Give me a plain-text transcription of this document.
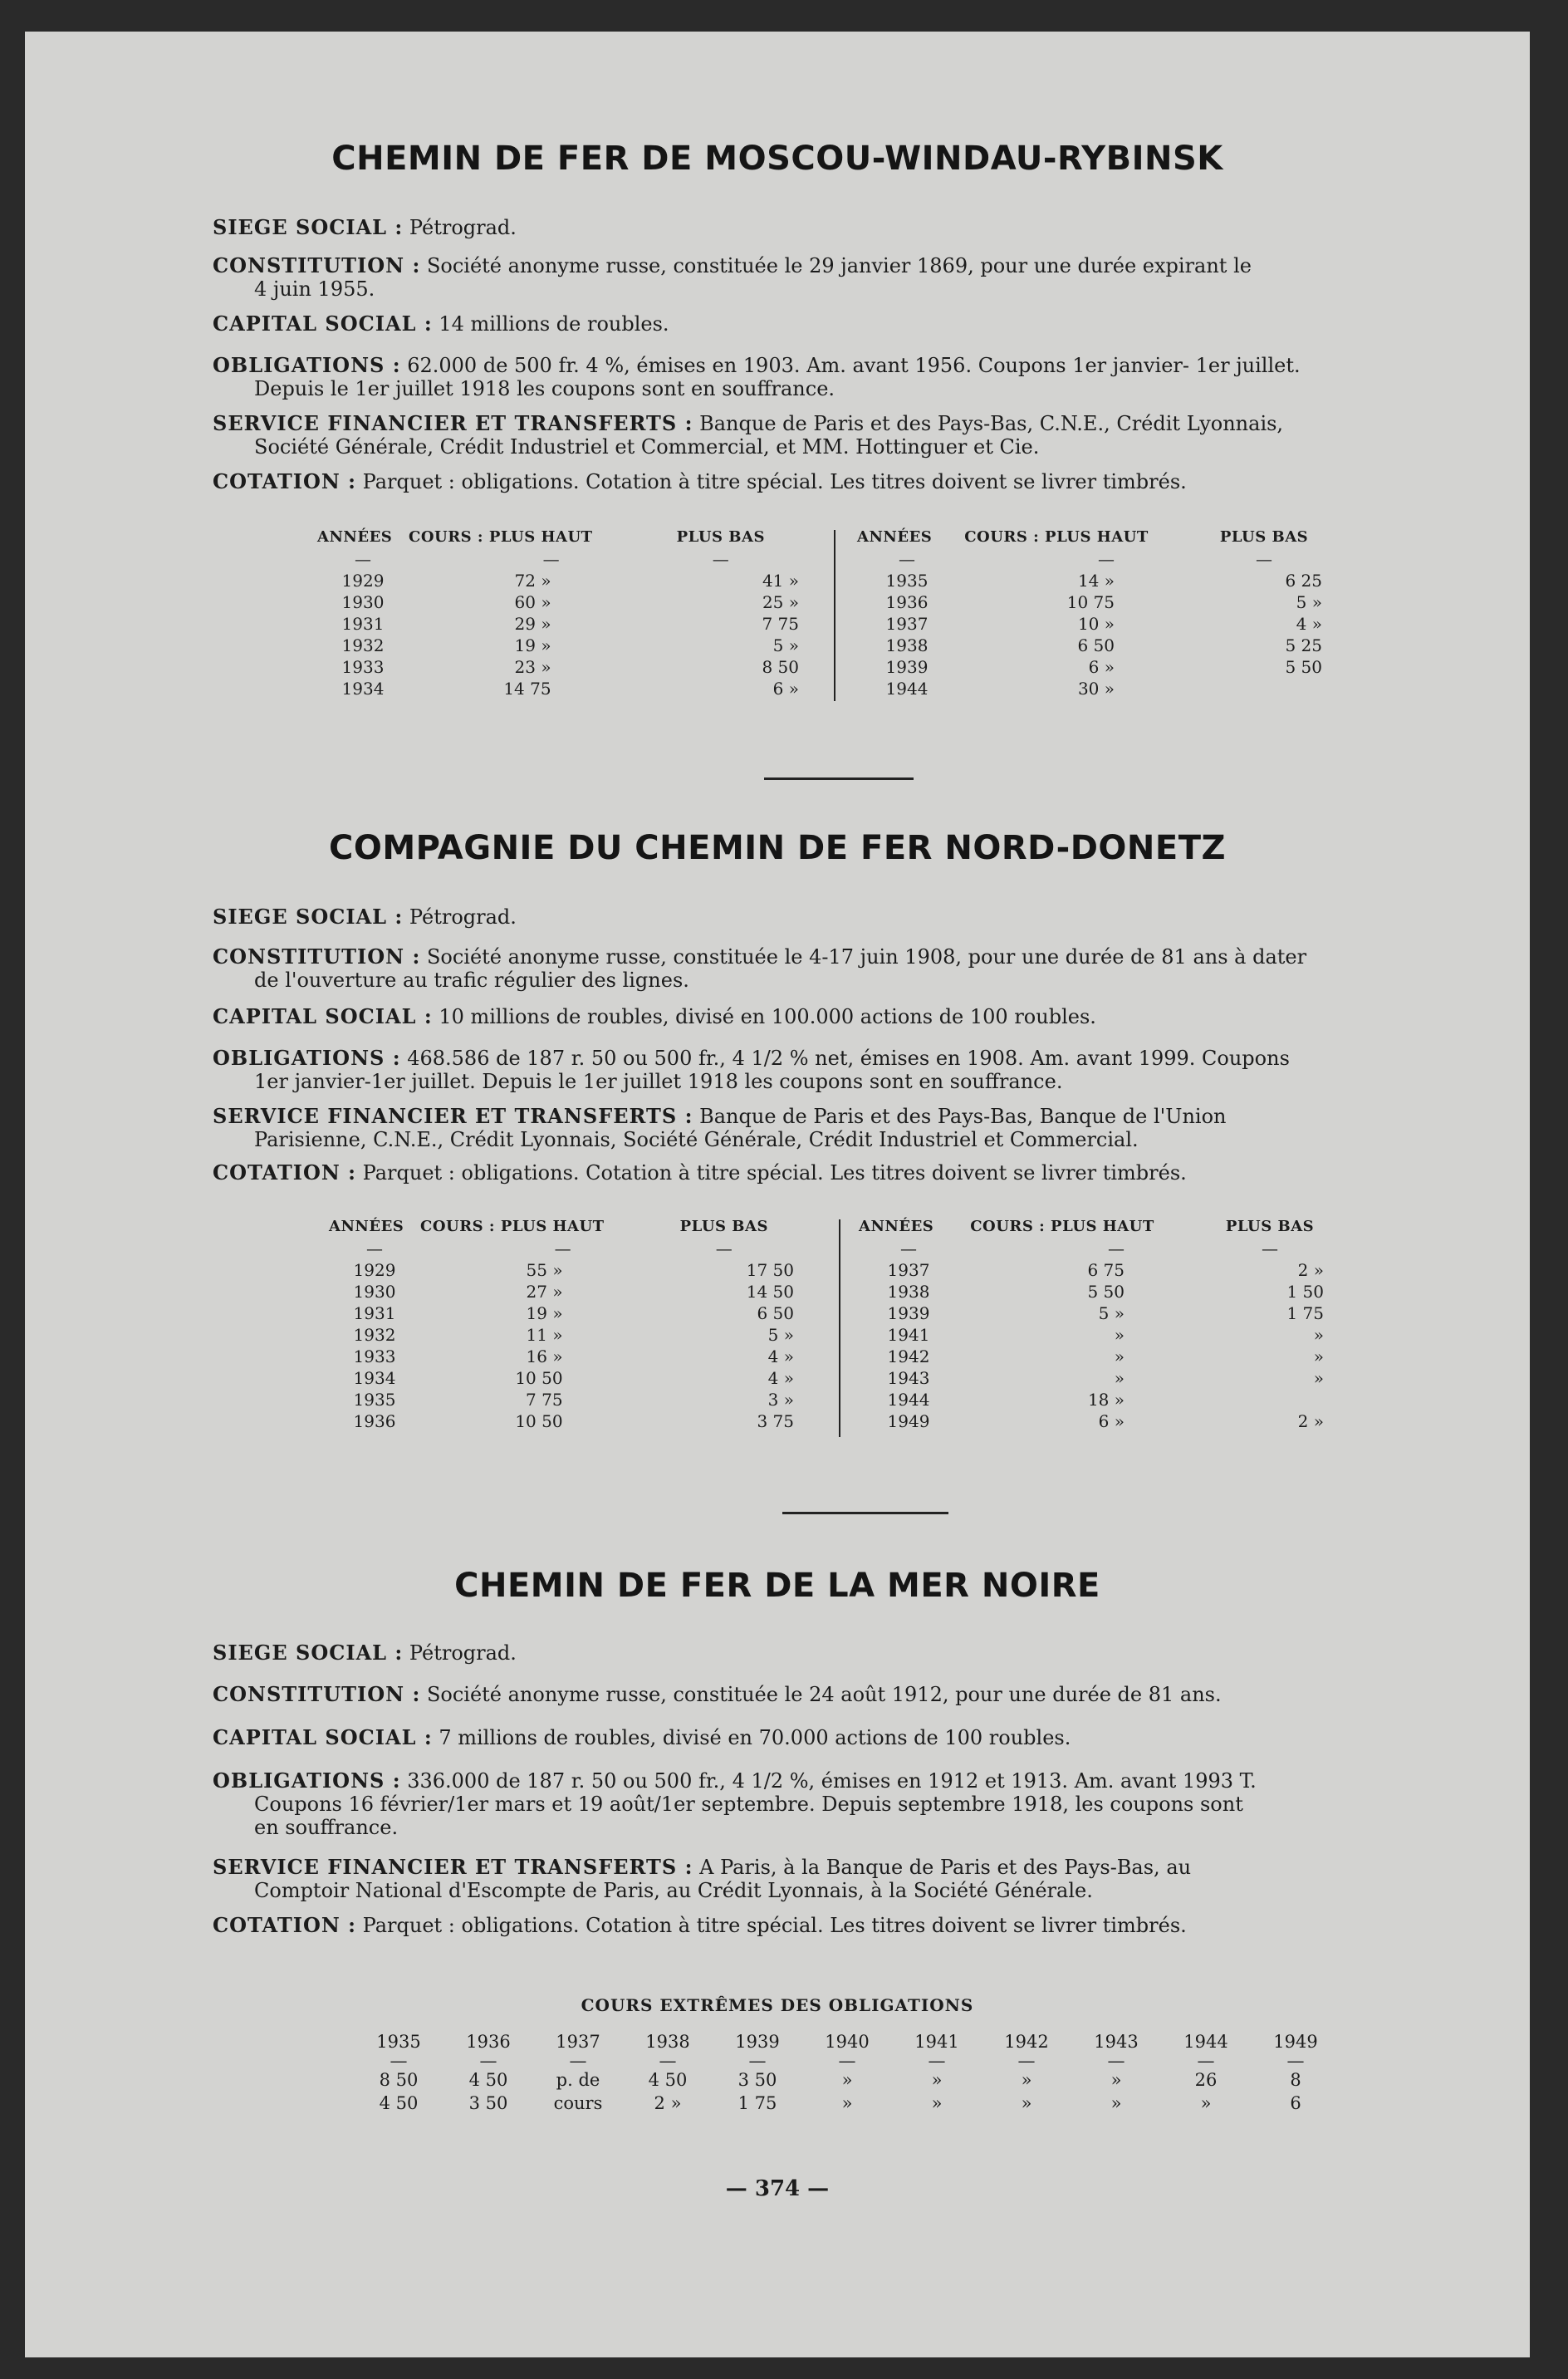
CHEMIN DE FER DE MOSCOU-WINDAU-RYBINSK
SIEGE SOCIAL : Pétrograd.
CONSTITUTION : Société anonyme russe, constituée le 29 janvier 1869, pour une durée expirant le
4 juin 1955.
CAPITAL SOCIAL : 14 millions de roubles.
OBLIGATIONS : 62.000 de 500 fr. 4 %, émises en 1903. Am. avant 1956. Coupons 1er janvier- 1er juillet.
Depuis le 1er juillet 1918 les coupons sont en souffrance.
SERVICE FINANCIER ET TRANSFERTS : Banque de Paris et des Pays-Bas, C.N.E., Crédit Lyonnais,
Société Générale, Crédit Industriel et Commercial, et MM. Hottinguer et Cie.
COTATION : Parquet : obligations. Cotation à titre spécial. Les titres doivent se livrer timbrés.
ANNÉES	COURS : PLUS HAUT	PLUS BAS
—	—	—
1929	72 »	41 »
1930	60 »	25 »
1931	29 »	7 75
1932	19 »	5 »
1933	23 »	8 50
1934	14 75	6 »
ANNÉES	COURS : PLUS HAUT	PLUS BAS
—	—	—
1935	14 »	6 25
1936	10 75	5 »
1937	10 »	4 »
1938	6 50	5 25
1939	6 »	5 50
1944	30 »	
COMPAGNIE DU CHEMIN DE FER NORD-DONETZ
SIEGE SOCIAL : Pétrograd.
CONSTITUTION : Société anonyme russe, constituée le 4-17 juin 1908, pour une durée de 81 ans à dater
de l'ouverture au trafic régulier des lignes.
CAPITAL SOCIAL : 10 millions de roubles, divisé en 100.000 actions de 100 roubles.
OBLIGATIONS : 468.586 de 187 r. 50 ou 500 fr., 4 1/2 % net, émises en 1908. Am. avant 1999. Coupons
1er janvier-1er juillet. Depuis le 1er juillet 1918 les coupons sont en souffrance.
SERVICE FINANCIER ET TRANSFERTS : Banque de Paris et des Pays-Bas, Banque de l'Union
Parisienne, C.N.E., Crédit Lyonnais, Société Générale, Crédit Industriel et Commercial.
COTATION : Parquet : obligations. Cotation à titre spécial. Les titres doivent se livrer timbrés.
ANNÉES	COURS : PLUS HAUT	PLUS BAS
—	—	—
1929	55 »	17 50
1930	27 »	14 50
1931	19 »	6 50
1932	11 »	5 »
1933	16 »	4 »
1934	10 50	4 »
1935	7 75	3 »
1936	10 50	3 75
ANNÉES	COURS : PLUS HAUT	PLUS BAS
—	—	—
1937	6 75	2 »
1938	5 50	1 50
1939	5 »	1 75
1941	»	»
1942	»	»
1943	»	»
1944	18 »	
1949	6 »	2 »
CHEMIN DE FER DE LA MER NOIRE
SIEGE SOCIAL : Pétrograd.
CONSTITUTION : Société anonyme russe, constituée le 24 août 1912, pour une durée de 81 ans.
CAPITAL SOCIAL : 7 millions de roubles, divisé en 70.000 actions de 100 roubles.
OBLIGATIONS : 336.000 de 187 r. 50 ou 500 fr., 4 1/2 %, émises en 1912 et 1913. Am. avant 1993 T.
Coupons 16 février/1er mars et 19 août/1er septembre. Depuis septembre 1918, les coupons sont
en souffrance.
SERVICE FINANCIER ET TRANSFERTS : A Paris, à la Banque de Paris et des Pays-Bas, au
Comptoir National d'Escompte de Paris, au Crédit Lyonnais, à la Société Générale.
COTATION : Parquet : obligations. Cotation à titre spécial. Les titres doivent se livrer timbrés.
COURS EXTRÊMES DES OBLIGATIONS
1935	1936	1937	1938	1939	1940	1941	1942	1943	1944	1949
—	—	—	—	—	—	—	—	—	—	—
8 50	4 50	p. de	4 50	3 50	»	»	»	»	26	8
4 50	3 50	cours	2 »	1 75	»	»	»	»	»	6
— 374 —
